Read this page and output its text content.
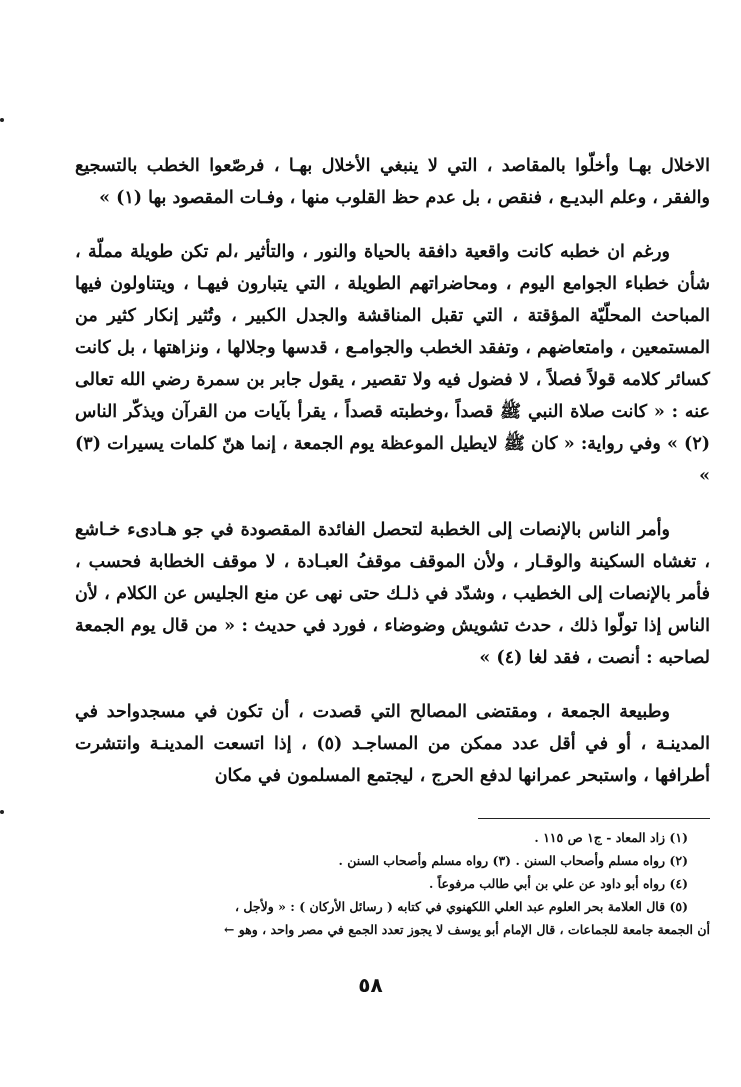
الاخلال بهـا وأخلّوا بالمقاصد ، التي لا ينبغي الأخلال بهـا ، فرصّعوا الخطب بالتسجيع والفقر ، وعلم البديـع ، فنقص ، بل عدم حظ القلوب منها ، وفـات المقصود بها (١) »

ورغم ان خطبه كانت واقعية دافقة بالحياة والنور ، والتأثير ،لم تكن طويلة مملّة ، شأن خطباء الجوامع اليوم ، ومحاضراتهم الطويلة ، التي يتبارون فيهـا ، ويتناولون فيها المباحث المحلّيّة المؤقتة ، التي تقبل المناقشة والجدل الكبير ، وتُثير إنكار كثير من المستمعين ، وامتعاضهم ، وتفقد الخطب والجوامـع ، قدسها وجلالها ، ونزاهتها ، بل كانت كسائر كلامه قولاً فصلاً ، لا فضول فيه ولا تقصير ، يقول جابر بن سمرة رضي الله تعالى عنه : « كانت صلاة النبي ﷺ قصداً ،وخطبته قصداً ، يقرأ بآيات من القرآن ويذكّر الناس (٢) » وفي رواية: « كان ﷺ لايطيل الموعظة يوم الجمعة ، إنما هنّ كلمات يسيرات (٣) »

وأمر الناس بالإنصات إلى الخطبة لتحصل الفائدة المقصودة في جو هـادىء خـاشع ، تغشاه السكينة والوقـار ، ولأن الموقف موقفُ العبـادة ، لا موقف الخطابة فحسب ، فأمر بالإنصات إلى الخطيب ، وشدّد في ذلـك حتى نهى عن منع الجليس عن الكلام ، لأن الناس إذا تولّوا ذلك ، حدث تشويش وضوضاء ، فورد في حديث : « من قال يوم الجمعة لصاحبه : أنصت ، فقد لغا (٤) »

وطبيعة الجمعة ، ومقتضى المصالح التي قصدت ، أن تكون في مسجدواحد في المدينـة ، أو في أقل عدد ممكن من المساجـد (٥) ، إذا اتسعت المدينـة وانتشرت أطرافها ، واستبحر عمرانها لدفع الحرج ، ليجتمع المسلمون في مكان

(١) زاد المعاد - ج١ ص ١١٥ .
(٢) رواه مسلم وأصحاب السنن . (٣) رواه مسلم وأصحاب السنن .
(٤) رواه أبو داود عن علي بن أبي طالب مرفوعاً .
(٥) قال العلامة بحر العلوم عبد العلي اللكهنوي في كتابه ( رسائل الأركان ) : « ولأجل ،
أن الجمعة جامعة للجماعات ، قال الإمام أبو يوسف لا يجوز تعدد الجمع في مصر واحد ، وهو ←
٥٨
